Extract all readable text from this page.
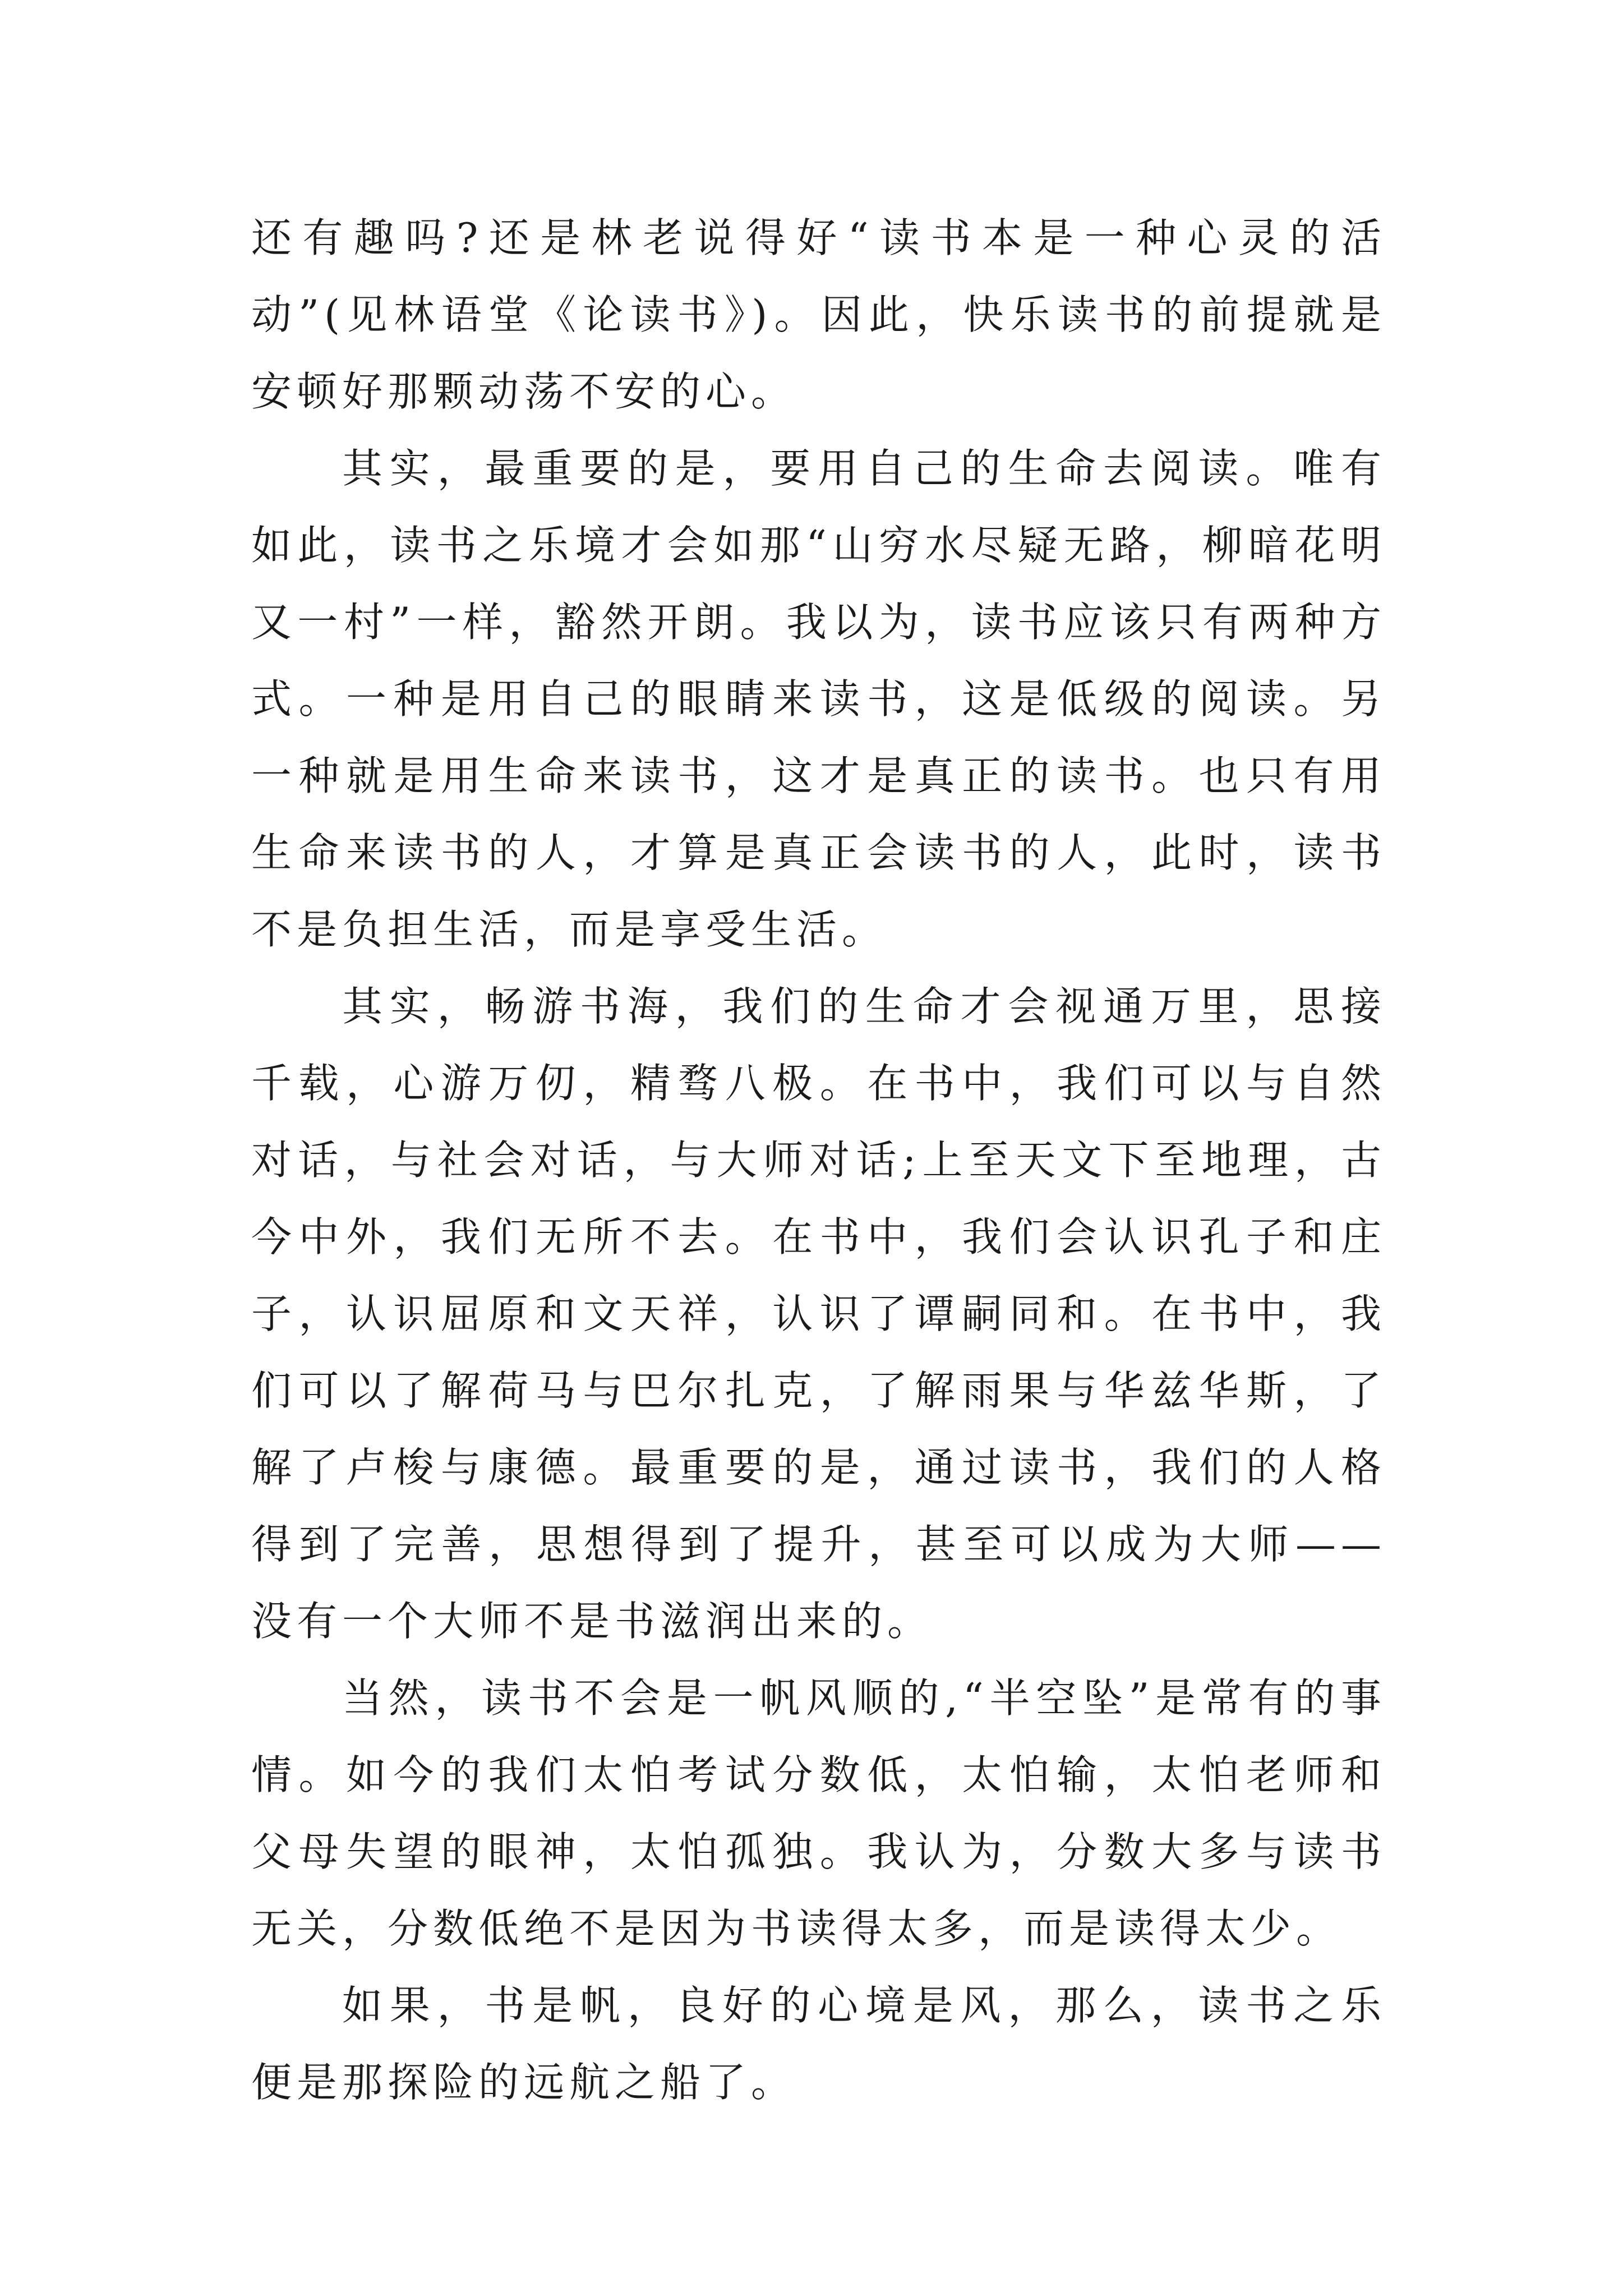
还有趣吗?还是林老说得好“读书本是一种心灵的活动”(见林语堂《论读书》)。因此，快乐读书的前提就是安顿好那颗动荡不安的心。

其实，最重要的是，要用自己的生命去阅读。唯有如此，读书之乐境才会如那“山穷水尽疑无路，柳暗花明又一村”一样，豁然开朗。我以为，读书应该只有两种方式。一种是用自己的眼睛来读书，这是低级的阅读。另一种就是用生命来读书，这才是真正的读书。也只有用生命来读书的人，才算是真正会读书的人，此时，读书不是负担生活，而是享受生活。

其实，畅游书海，我们的生命才会视通万里，思接千载，心游万仞，精骛八极。在书中，我们可以与自然对话，与社会对话，与大师对话;上至天文下至地理，古今中外，我们无所不去。在书中，我们会认识孔子和庄子，认识屈原和文天祥，认识了谭嗣同和。在书中，我们可以了解荷马与巴尔扎克，了解雨果与华兹华斯，了解了卢梭与康德。最重要的是，通过读书，我们的人格得到了完善，思想得到了提升，甚至可以成为大师——没有一个大师不是书滋润出来的。

当然，读书不会是一帆风顺的,“半空坠”是常有的事情。如今的我们太怕考试分数低，太怕输，太怕老师和父母失望的眼神，太怕孤独。我认为，分数大多与读书无关，分数低绝不是因为书读得太多，而是读得太少。

如果，书是帆，良好的心境是风，那么，读书之乐便是那探险的远航之船了。
